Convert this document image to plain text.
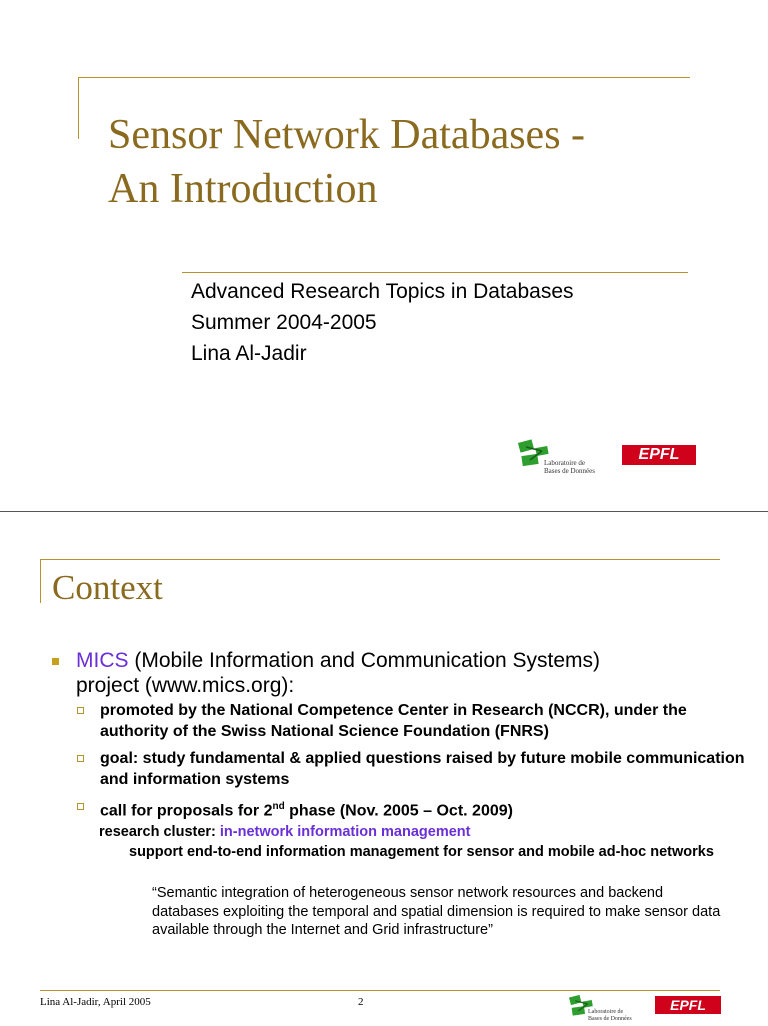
Sensor Network Databases -
An Introduction
Advanced Research Topics in Databases
Summer 2004-2005
Lina Al-Jadir
Laboratoire de
Bases de Données
EPFL
Context
MICS (Mobile Information and Communication Systems)
project (www.mics.org):
promoted by the National Competence Center in Research (NCCR), under the authority of the Swiss National Science Foundation (FNRS)
goal: study fundamental & applied questions raised by future mobile communication and information systems
call for proposals for 2nd phase (Nov. 2005 – Oct. 2009)
research cluster: in-network information management
support end-to-end information management for sensor and mobile ad-hoc networks
“Semantic integration of heterogeneous sensor network resources and backend databases exploiting the temporal and spatial dimension is required to make sensor data available through the Internet and Grid infrastructure”
Lina Al-Jadir, April 2005	2
Laboratoire de
Bases de Données
EPFL
